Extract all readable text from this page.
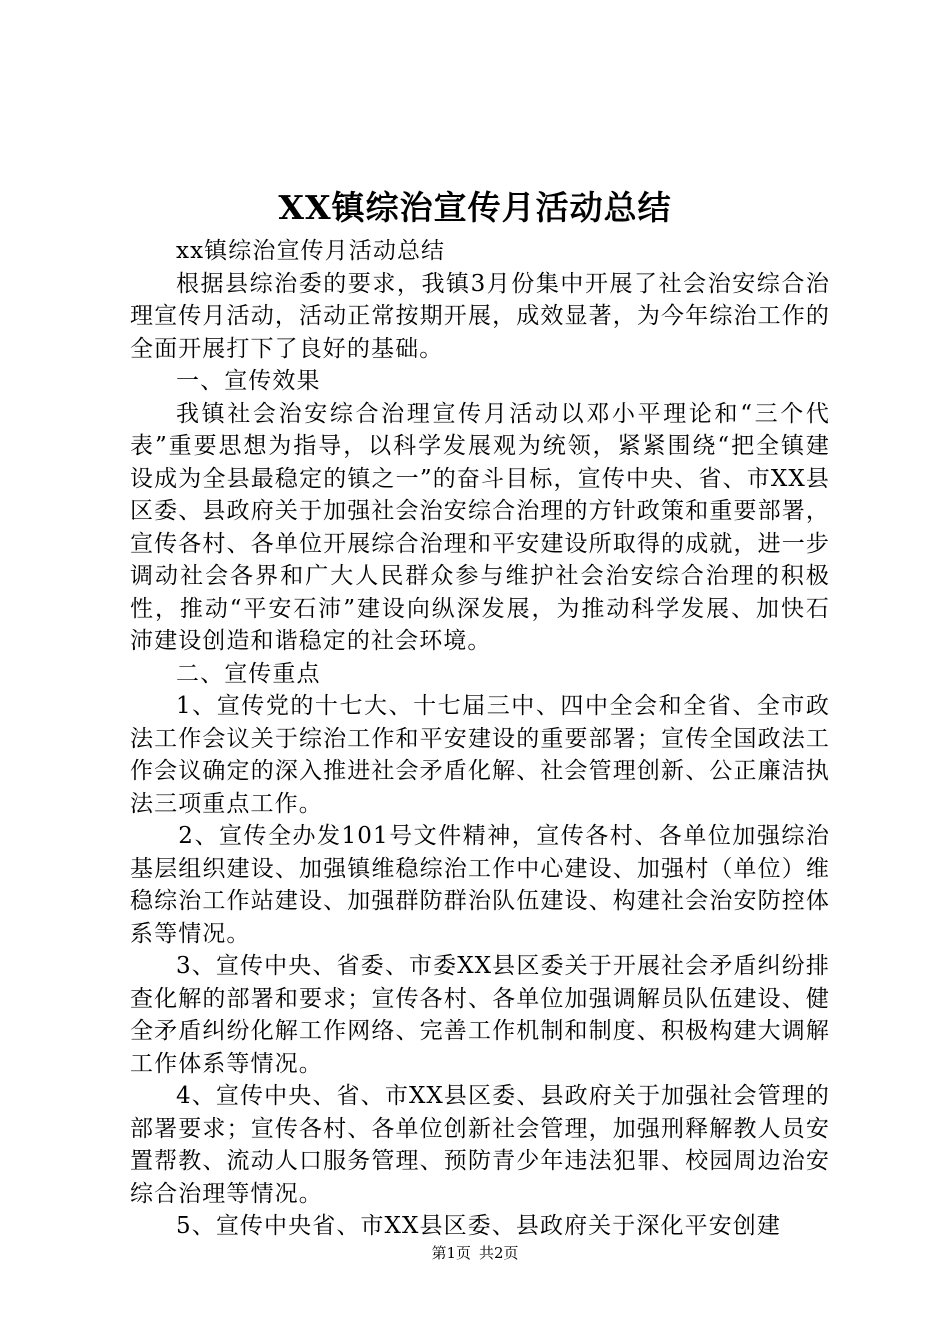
XX镇综治宣传月活动总结

xx镇综治宣传月活动总结

根据县综治委的要求，我镇3月份集中开展了社会治安综合治理宣传月活动，活动正常按期开展，成效显著，为今年综治工作的全面开展打下了良好的基础。

一、宣传效果

我镇社会治安综合治理宣传月活动以邓小平理论和“三个代表”重要思想为指导，以科学发展观为统领，紧紧围绕“把全镇建设成为全县最稳定的镇之一”的奋斗目标，宣传中央、省、市XX县区委、县政府关于加强社会治安综合治理的方针政策和重要部署，宣传各村、各单位开展综合治理和平安建设所取得的成就，进一步调动社会各界和广大人民群众参与维护社会治安综合治理的积极性，推动“平安石沛”建设向纵深发展，为推动科学发展、加快石沛建设创造和谐稳定的社会环境。

二、宣传重点

1、宣传党的十七大、十七届三中、四中全会和全省、全市政法工作会议关于综治工作和平安建设的重要部署；宣传全国政法工作会议确定的深入推进社会矛盾化解、社会管理创新、公正廉洁执法三项重点工作。

2、宣传全办发101号文件精神，宣传各村、各单位加强综治基层组织建设、加强镇维稳综治工作中心建设、加强村（单位）维稳综治工作站建设、加强群防群治队伍建设、构建社会治安防控体系等情况。

3、宣传中央、省委、市委XX县区委关于开展社会矛盾纠纷排查化解的部署和要求；宣传各村、各单位加强调解员队伍建设、健全矛盾纠纷化解工作网络、完善工作机制和制度、积极构建大调解工作体系等情况。

4、宣传中央、省、市XX县区委、县政府关于加强社会管理的部署要求；宣传各村、各单位创新社会管理，加强刑释解教人员安置帮教、流动人口服务管理、预防青少年违法犯罪、校园周边治安综合治理等情况。

5、宣传中央省、市XX县区委、县政府关于深化平安创建

第1页 共2页
